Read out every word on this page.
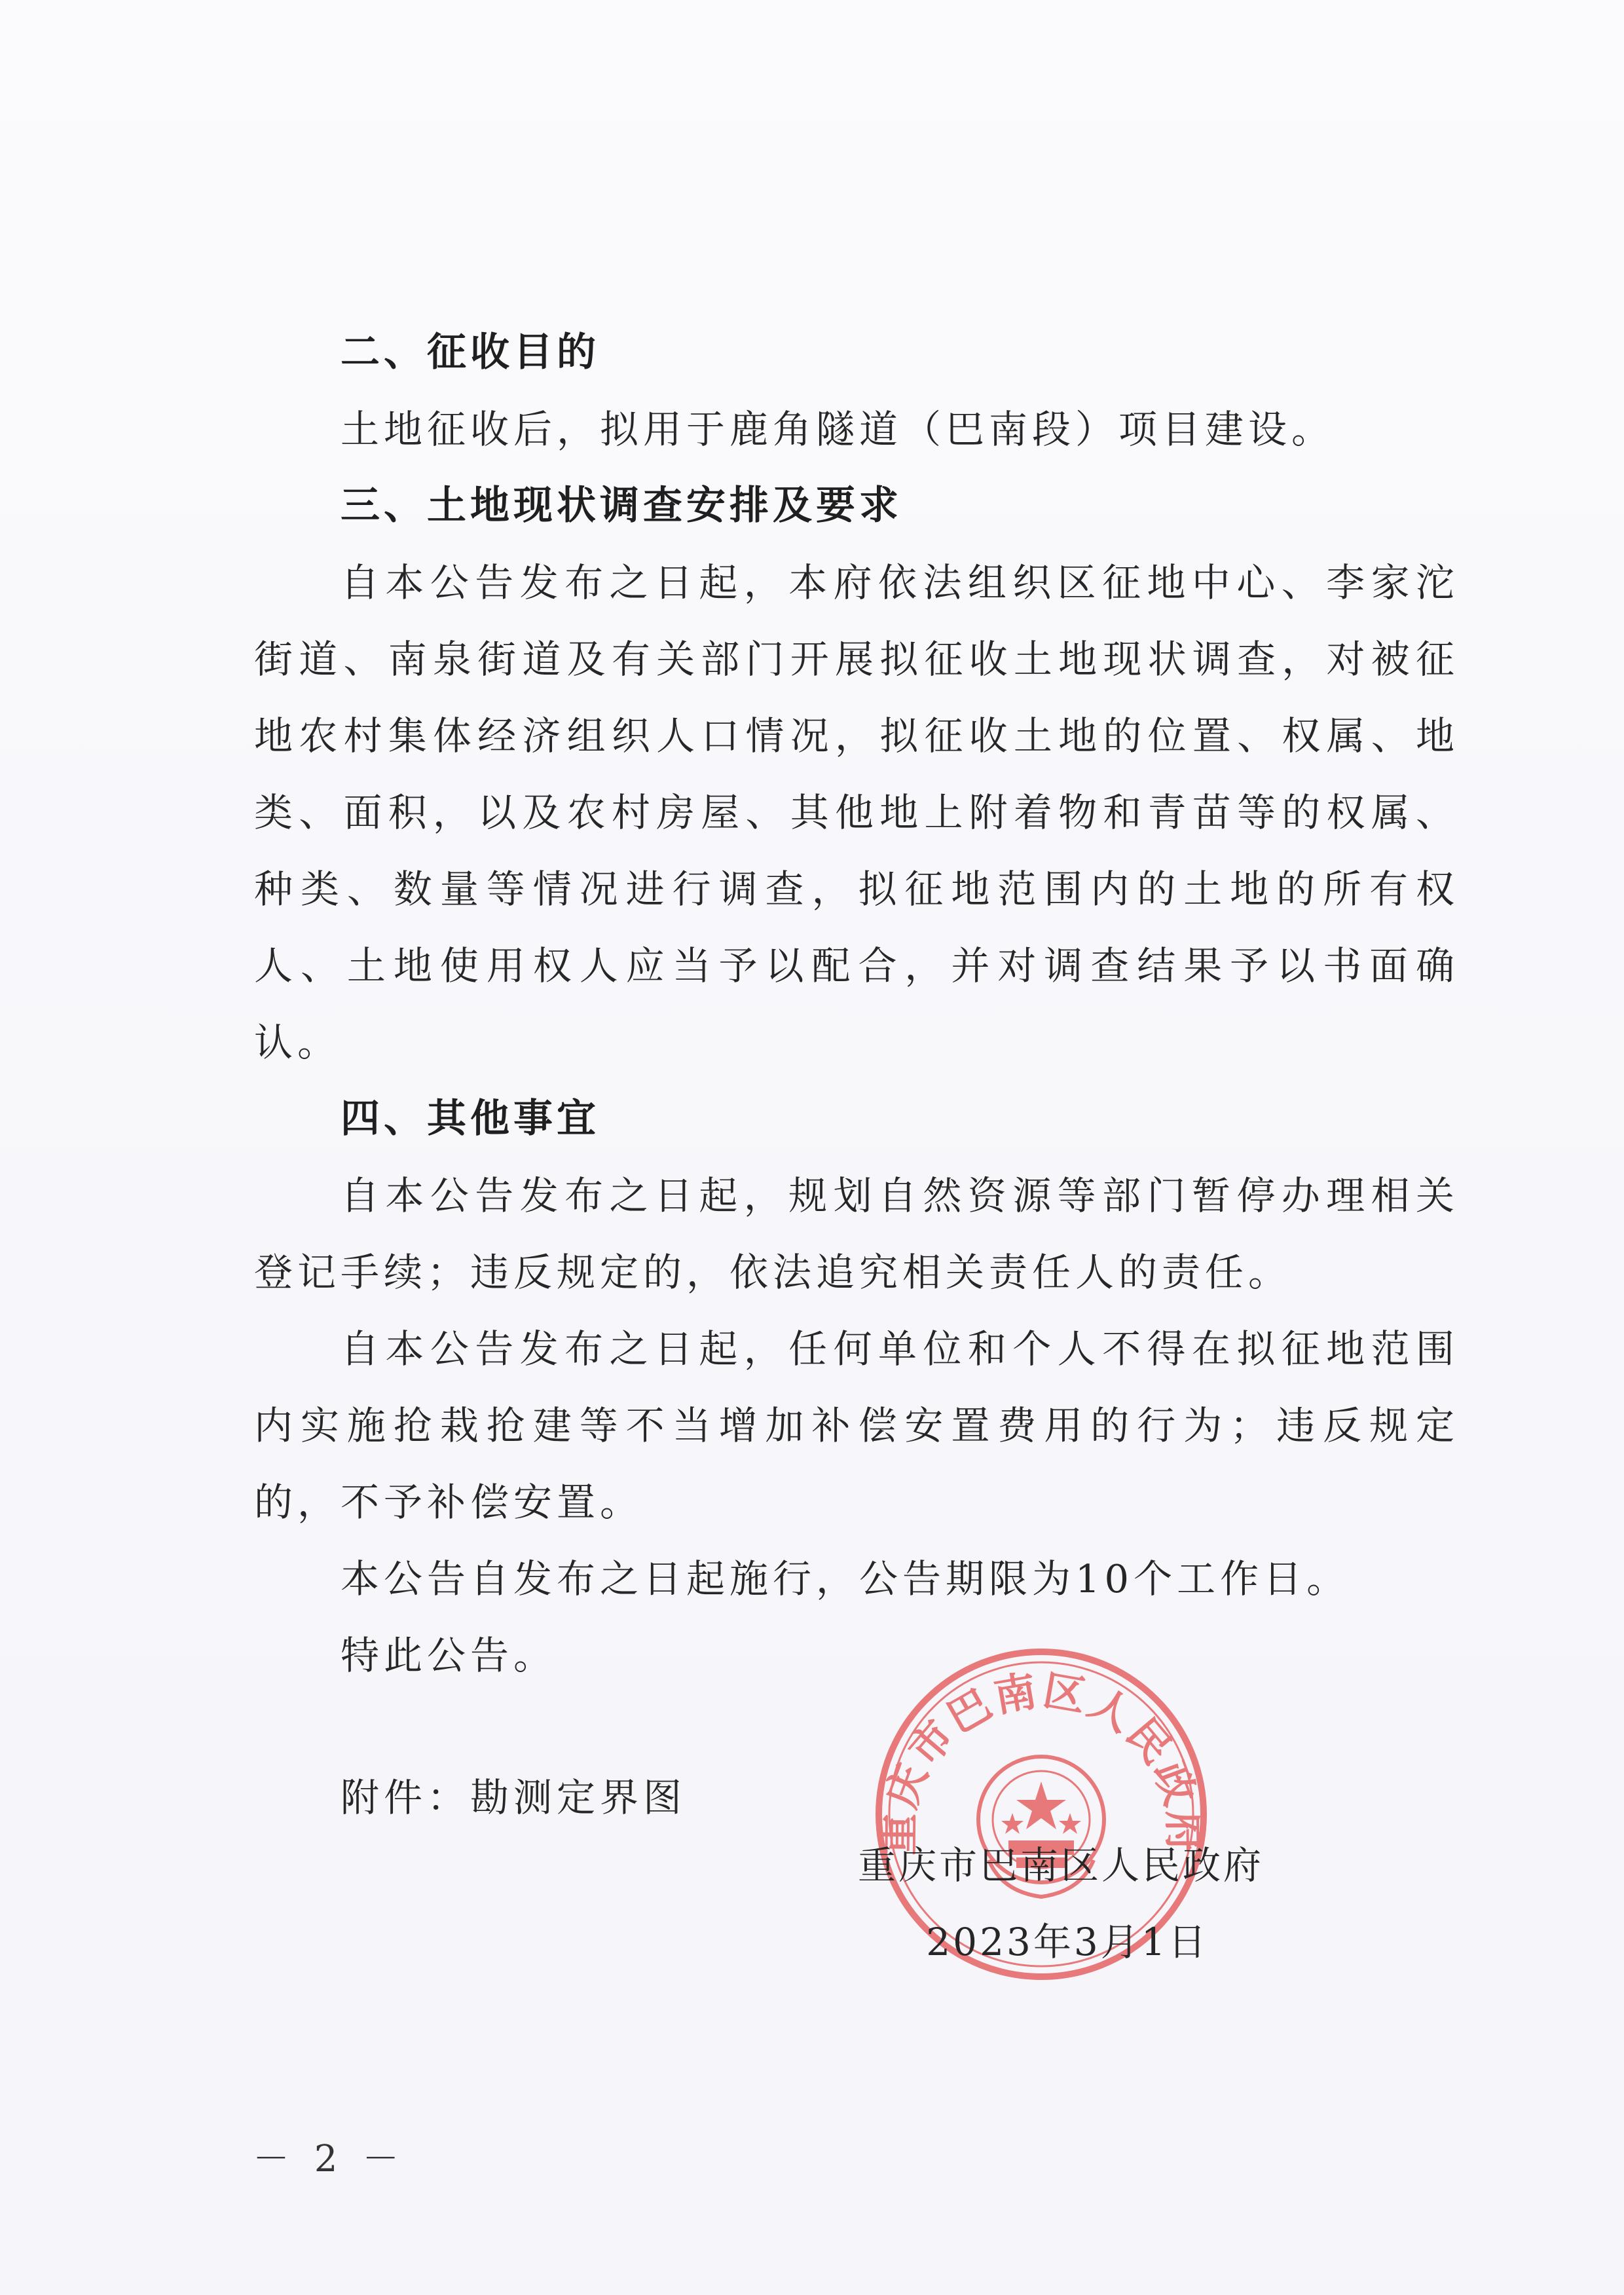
二、征收目的

土地征收后，拟用于鹿角隧道（巴南段）项目建设。

三、土地现状调查安排及要求

自本公告发布之日起，本府依法组织区征地中心、李家沱街道、南泉街道及有关部门开展拟征收土地现状调查，对被征地农村集体经济组织人口情况，拟征收土地的位置、权属、地类、面积，以及农村房屋、其他地上附着物和青苗等的权属、种类、数量等情况进行调查，拟征地范围内的土地的所有权人、土地使用权人应当予以配合，并对调查结果予以书面确认。

四、其他事宜

自本公告发布之日起，规划自然资源等部门暂停办理相关登记手续；违反规定的，依法追究相关责任人的责任。

自本公告发布之日起，任何单位和个人不得在拟征地范围内实施抢栽抢建等不当增加补偿安置费用的行为；违反规定的，不予补偿安置。

本公告自发布之日起施行，公告期限为10个工作日。

特此公告。

附件：勘测定界图

重庆市巴南区人民政府
重庆市巴南区人民政府
2023年3月1日
－ 2 －
